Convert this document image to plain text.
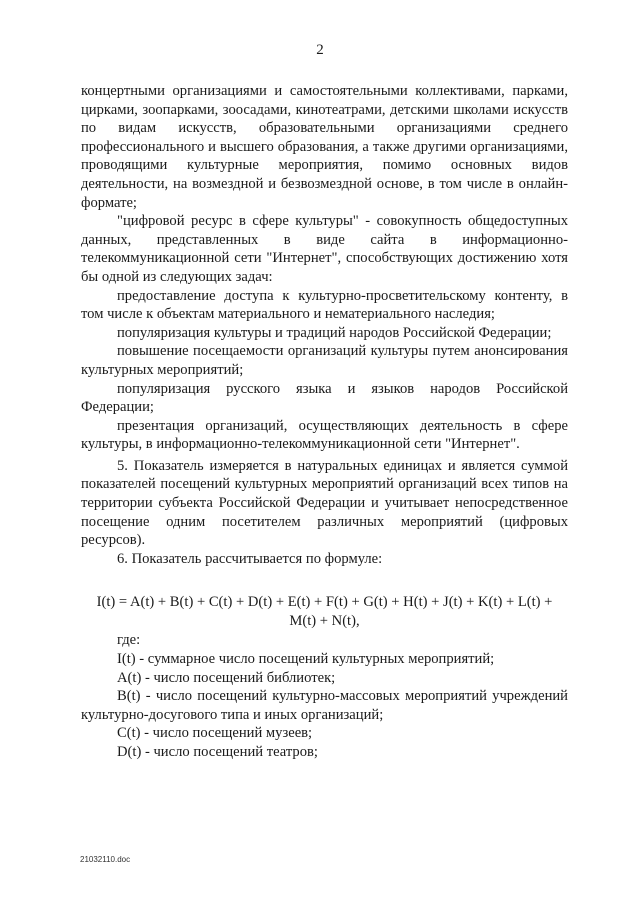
2

концертными организациями и самостоятельными коллективами, парками, цирками, зоопарками, зоосадами, кинотеатрами, детскими школами искусств по видам искусств, образовательными организациями среднего профессионального и высшего образования, а также другими организациями, проводящими культурные мероприятия, помимо основных видов деятельности, на возмездной и безвозмездной основе, в том числе в онлайн-формате;

"цифровой ресурс в сфере культуры" - совокупность общедоступных данных, представленных в виде сайта в информационно-телекоммуникационной сети "Интернет", способствующих достижению хотя бы одной из следующих задач:

предоставление доступа к культурно-просветительскому контенту, в том числе к объектам материального и нематериального наследия;

популяризация культуры и традиций народов Российской Федерации;

повышение посещаемости организаций культуры путем анонсирования культурных мероприятий;

популяризация русского языка и языков народов Российской Федерации;

презентация организаций, осуществляющих деятельность в сфере культуры, в информационно-телекоммуникационной сети "Интернет".

5. Показатель измеряется в натуральных единицах и является суммой показателей посещений культурных мероприятий организаций всех типов на территории субъекта Российской Федерации и учитывает непосредственное посещение одним посетителем различных мероприятий (цифровых ресурсов).

6. Показатель рассчитывается по формуле:

I(t) = A(t) + B(t) + C(t) + D(t) + E(t) + F(t) + G(t) + H(t) + J(t) + K(t) + L(t) +
M(t) + N(t),

где:

I(t) - суммарное число посещений культурных мероприятий;

A(t) - число посещений библиотек;

B(t) - число посещений культурно-массовых мероприятий учреждений культурно-досугового типа и иных организаций;

C(t) - число посещений музеев;

D(t) - число посещений театров;

21032110.doc
